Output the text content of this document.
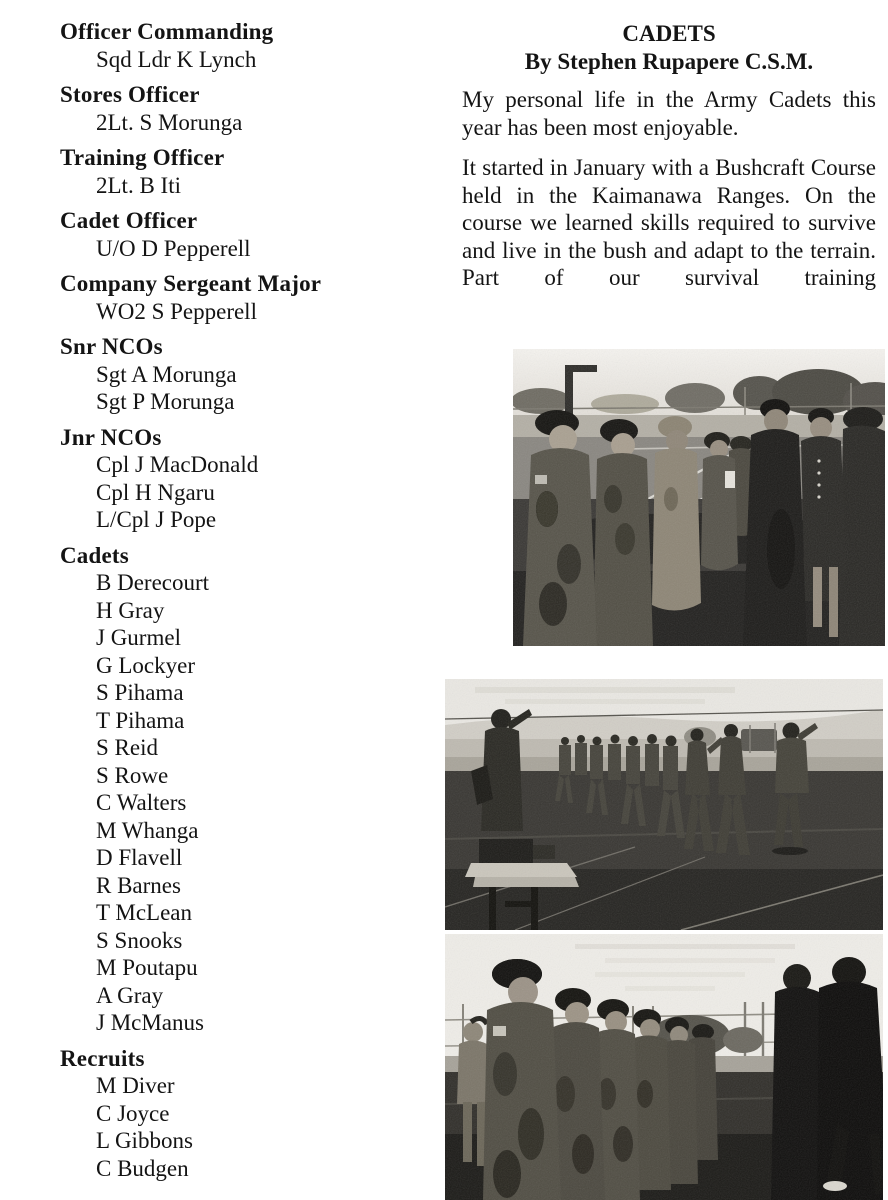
Officer Commanding
Sqd Ldr K Lynch
Stores Officer
2Lt. S Morunga
Training Officer
2Lt. B Iti
Cadet Officer
U/O D Pepperell
Company Sergeant Major
WO2 S Pepperell
Snr NCOs
Sgt A Morunga
Sgt P Morunga
Jnr NCOs
Cpl J MacDonald
Cpl H Ngaru
L/Cpl J Pope
Cadets
B Derecourt
H Gray
J Gurmel
G Lockyer
S Pihama
T Pihama
S Reid
S Rowe
C Walters
M Whanga
D Flavell
R Barnes
T McLean
S Snooks
M Poutapu
A Gray
J McManus
Recruits
M Diver
C Joyce
L Gibbons
C Budgen
CADETS
By Stephen Rupapere C.S.M.

My personal life in the Army Cadets this year has been most enjoyable.

It started in January with a Bushcraft Course held in the Kaimanawa Ranges. On the course we learned skills required to survive and live in the bush and adapt to the terrain. Part of our survival training
